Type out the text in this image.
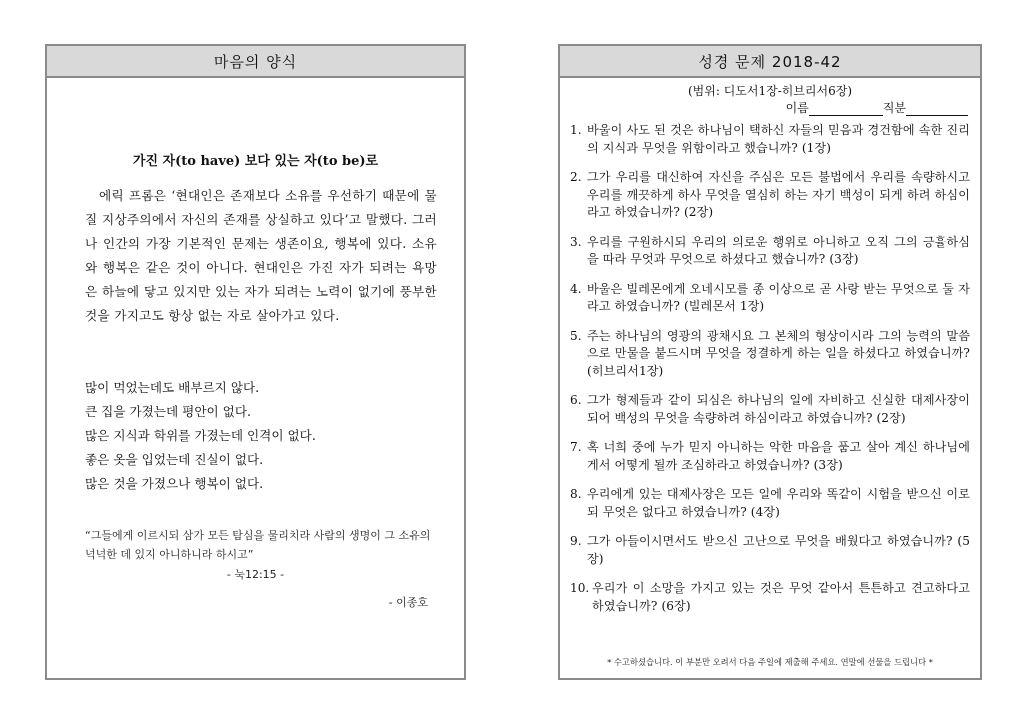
마음의 양식
가진 자(to have) 보다 있는 자(to be)로

에릭 프롬은 ‘현대인은 존재보다 소유를 우선하기 때문에 물질 지상주의에서 자신의 존재를 상실하고 있다’고 말했다. 그러나 인간의 가장 기본적인 문제는 생존이요, 행복에 있다. 소유와 행복은 같은 것이 아니다. 현대인은 가진 자가 되려는 욕망은 하늘에 닿고 있지만 있는 자가 되려는 노력이 없기에 풍부한 것을 가지고도 항상 없는 자로 살아가고 있다.

많이 먹었는데도 배부르지 않다.
큰 집을 가졌는데 평안이 없다.
많은 지식과 학위를 가졌는데 인격이 없다.
좋은 옷을 입었는데 진실이 없다.
많은 것을 가졌으나 행복이 없다.
“그들에게 이르시되 삼가 모든 탐심을 물리치라 사람의 생명이 그 소유의 넉넉한 데 있지 아니하니라 하시고”
- 눅12:15 -
- 이종호
성경 문제 2018-42
(범위: 디도서1장-히브리서6장)
이름	직분
1. 바울이 사도 된 것은 하나님이 택하신 자들의 믿음과 경건함에 속한 진리의 지식과 무엇을 위함이라고 했습니까? (1장)
2. 그가 우리를 대신하여 자신을 주심은 모든 불법에서 우리를 속량하시고 우리를 깨끗하게 하사 무엇을 열심히 하는 자기 백성이 되게 하려 하심이라고 하였습니까? (2장)
3. 우리를 구원하시되 우리의 의로운 행위로 아니하고 오직 그의 긍휼하심을 따라 무엇과 무엇으로 하셨다고 했습니까? (3장)
4. 바울은 빌레몬에게 오네시모를 종 이상으로 곧 사랑 받는 무엇으로 둘 자라고 하였습니까? (빌레몬서 1장)
5. 주는 하나님의 영광의 광채시요 그 본체의 형상이시라 그의 능력의 말씀으로 만물을 붙드시며 무엇을 정결하게 하는 일을 하셨다고 하였습니까? (히브리서1장)
6. 그가 형제들과 같이 되심은 하나님의 일에 자비하고 신실한 대제사장이 되어 백성의 무엇을 속량하려 하심이라고 하였습니까? (2장)
7. 혹 너희 중에 누가 믿지 아니하는 악한 마음을 품고 살아 계신 하나님에게서 어떻게 될까 조심하라고 하였습니까? (3장)
8. 우리에게 있는 대제사장은 모든 일에 우리와 똑같이 시험을 받으신 이로되 무엇은 없다고 하였습니까? (4장)
9. 그가 아들이시면서도 받으신 고난으로 무엇을 배웠다고 하였습니까? (5장)
10. 우리가 이 소망을 가지고 있는 것은 무엇 같아서 튼튼하고 견고하다고 하였습니까? (6장)
* 수고하셨습니다. 이 부분만 오려서 다음 주일에 제출해 주세요. 연말에 선물을 드립니다 *
